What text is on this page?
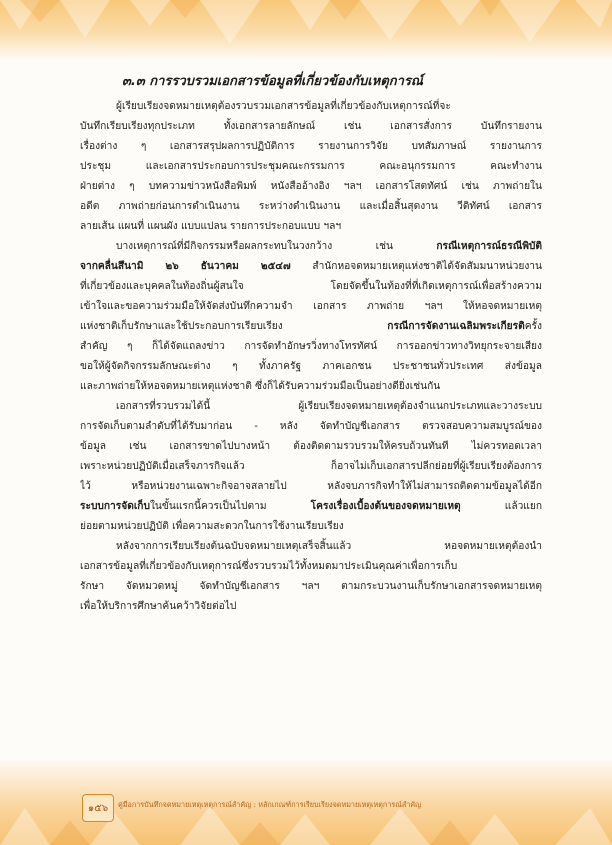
๓.๓ การรวบรวมเอกสารข้อมูลที่เกี่ยวข้องกับเหตุการณ์

ผู้เรียบเรียงจดหมายเหตุต้องรวบรวมเอกสารข้อมูลที่เกี่ยวข้องกับเหตุการณ์ที่จะ
บันทึกเรียบเรียงทุกประเภท ทั้งเอกสารลายลักษณ์ เช่น เอกสารสั่งการ บันทึกรายงาน
เรื่องต่าง ๆ เอกสารสรุปผลการปฏิบัติการ รายงานการวิจัย บทสัมภาษณ์ รายงานการ
ประชุม และเอกสารประกอบการประชุมคณะกรรมการ คณะอนุกรรมการ คณะทำงาน
ฝ่ายต่าง ๆ บทความข่าวหนังสือพิมพ์ หนังสืออ้างอิง ฯลฯ เอกสารโสตทัศน์ เช่น ภาพถ่ายใน
อดีต ภาพถ่ายก่อนการดำเนินงาน ระหว่างดำเนินงาน และเมื่อสิ้นสุดงาน วีดิทัศน์ เอกสาร
ลายเส้น แผนที่ แผนผัง แบบแปลน รายการประกอบแบบ ฯลฯ

บางเหตุการณ์ที่มีกิจกรรมหรือผลกระทบในวงกว้าง เช่น กรณีเหตุการณ์ธรณีพิบัติ
จากคลื่นสึนามิ ๒๖ ธันวาคม ๒๕๔๗ สำนักหอจดหมายเหตุแห่งชาติได้จัดสัมมนาหน่วยงาน
ที่เกี่ยวข้องและบุคคลในท้องถิ่นผู้สนใจ โดยจัดขึ้นในท้องที่ที่เกิดเหตุการณ์เพื่อสร้างความ
เข้าใจและขอความร่วมมือให้จัดส่งบันทึกความจำ เอกสาร ภาพถ่าย ฯลฯ ให้หอจดหมายเหตุ
แห่งชาติเก็บรักษาและใช้ประกอบการเรียบเรียง กรณีการจัดงานเฉลิมพระเกียรติครั้ง
สำคัญ ๆ ก็ได้จัดแถลงข่าว การจัดทำอักษรวิ่งทางโทรทัศน์ การออกข่าวทางวิทยุกระจายเสียง
ขอให้ผู้จัดกิจกรรมลักษณะต่าง ๆ ทั้งภาครัฐ ภาคเอกชน ประชาชนทั่วประเทศ ส่งข้อมูล
และภาพถ่ายให้หอจดหมายเหตุแห่งชาติ ซึ่งก็ได้รับความร่วมมือเป็นอย่างดียิ่งเช่นกัน

เอกสารที่รวบรวมได้นี้ ผู้เรียบเรียงจดหมายเหตุต้องจำแนกประเภทและวางระบบ
การจัดเก็บตามลำดับที่ได้รับมาก่อน - หลัง จัดทำบัญชีเอกสาร ตรวจสอบความสมบูรณ์ของ
ข้อมูล เช่น เอกสารขาดไปบางหน้า ต้องติดตามรวบรวมให้ครบถ้วนทันที ไม่ควรทอดเวลา
เพราะหน่วยปฏิบัติเมื่อเสร็จภารกิจแล้ว ก็อาจไม่เก็บเอกสารปลีกย่อยที่ผู้เรียบเรียงต้องการ
ไว้ หรือหน่วยงานเฉพาะกิจอาจสลายไป หลังจบภารกิจทำให้ไม่สามารถติดตามข้อมูลได้อีก
ระบบการจัดเก็บในขั้นแรกนี้ควรเป็นไปตาม โครงเรื่องเบื้องต้นของจดหมายเหตุ แล้วแยก
ย่อยตามหน่วยปฏิบัติ เพื่อความสะดวกในการใช้งานเรียบเรียง

หลังจากการเรียบเรียงต้นฉบับจดหมายเหตุเสร็จสิ้นแล้ว หอจดหมายเหตุต้องนำ
เอกสารข้อมูลที่เกี่ยวข้องกับเหตุการณ์ซึ่งรวบรวมไว้ทั้งหมดมาประเมินคุณค่าเพื่อการเก็บ
รักษา จัดหมวดหมู่ จัดทำบัญชีเอกสาร ฯลฯ ตามกระบวนงานเก็บรักษาเอกสารจดหมายเหตุ
เพื่อให้บริการศึกษาค้นคว้าวิจัยต่อไป

๑๕๖	คู่มือการบันทึกจดหมายเหตุเหตุการณ์สำคัญ : หลักเกณฑ์การเรียบเรียงจดหมายเหตุเหตุการณ์สำคัญ
